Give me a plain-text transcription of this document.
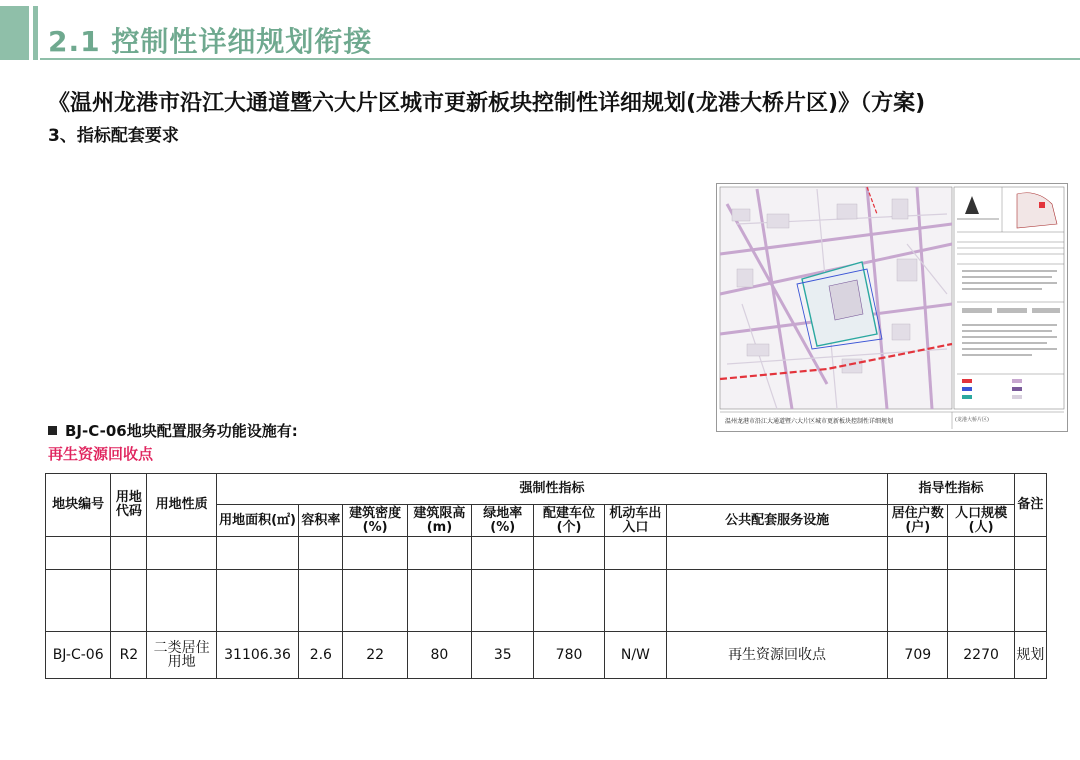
2.1 控制性详细规划衔接
《温州龙港市沿江大通道暨六大片区城市更新板块控制性详细规划(龙港大桥片区)》（方案)
3、指标配套要求
温州龙港市沿江大通道暨六大片区城市更新板块控制性详细规划	(龙港大桥片区)
BJ-C-06地块配置服务功能设施有:
再生资源回收点
地块编号	用地代码	用地性质	强制性指标								指导性指标		备注
			用地面积(㎡)	容积率	建筑密度(%)	建筑限高(m)	绿地率(%)	配建车位(个)	机动车出入口	公共配套服务设施	居住户数(户)	人口规模(人)	

BJ-C-06	R2	二类居住用地	31106.36	2.6	22	80	35	780	N/W	再生资源回收点	709	2270	规划
